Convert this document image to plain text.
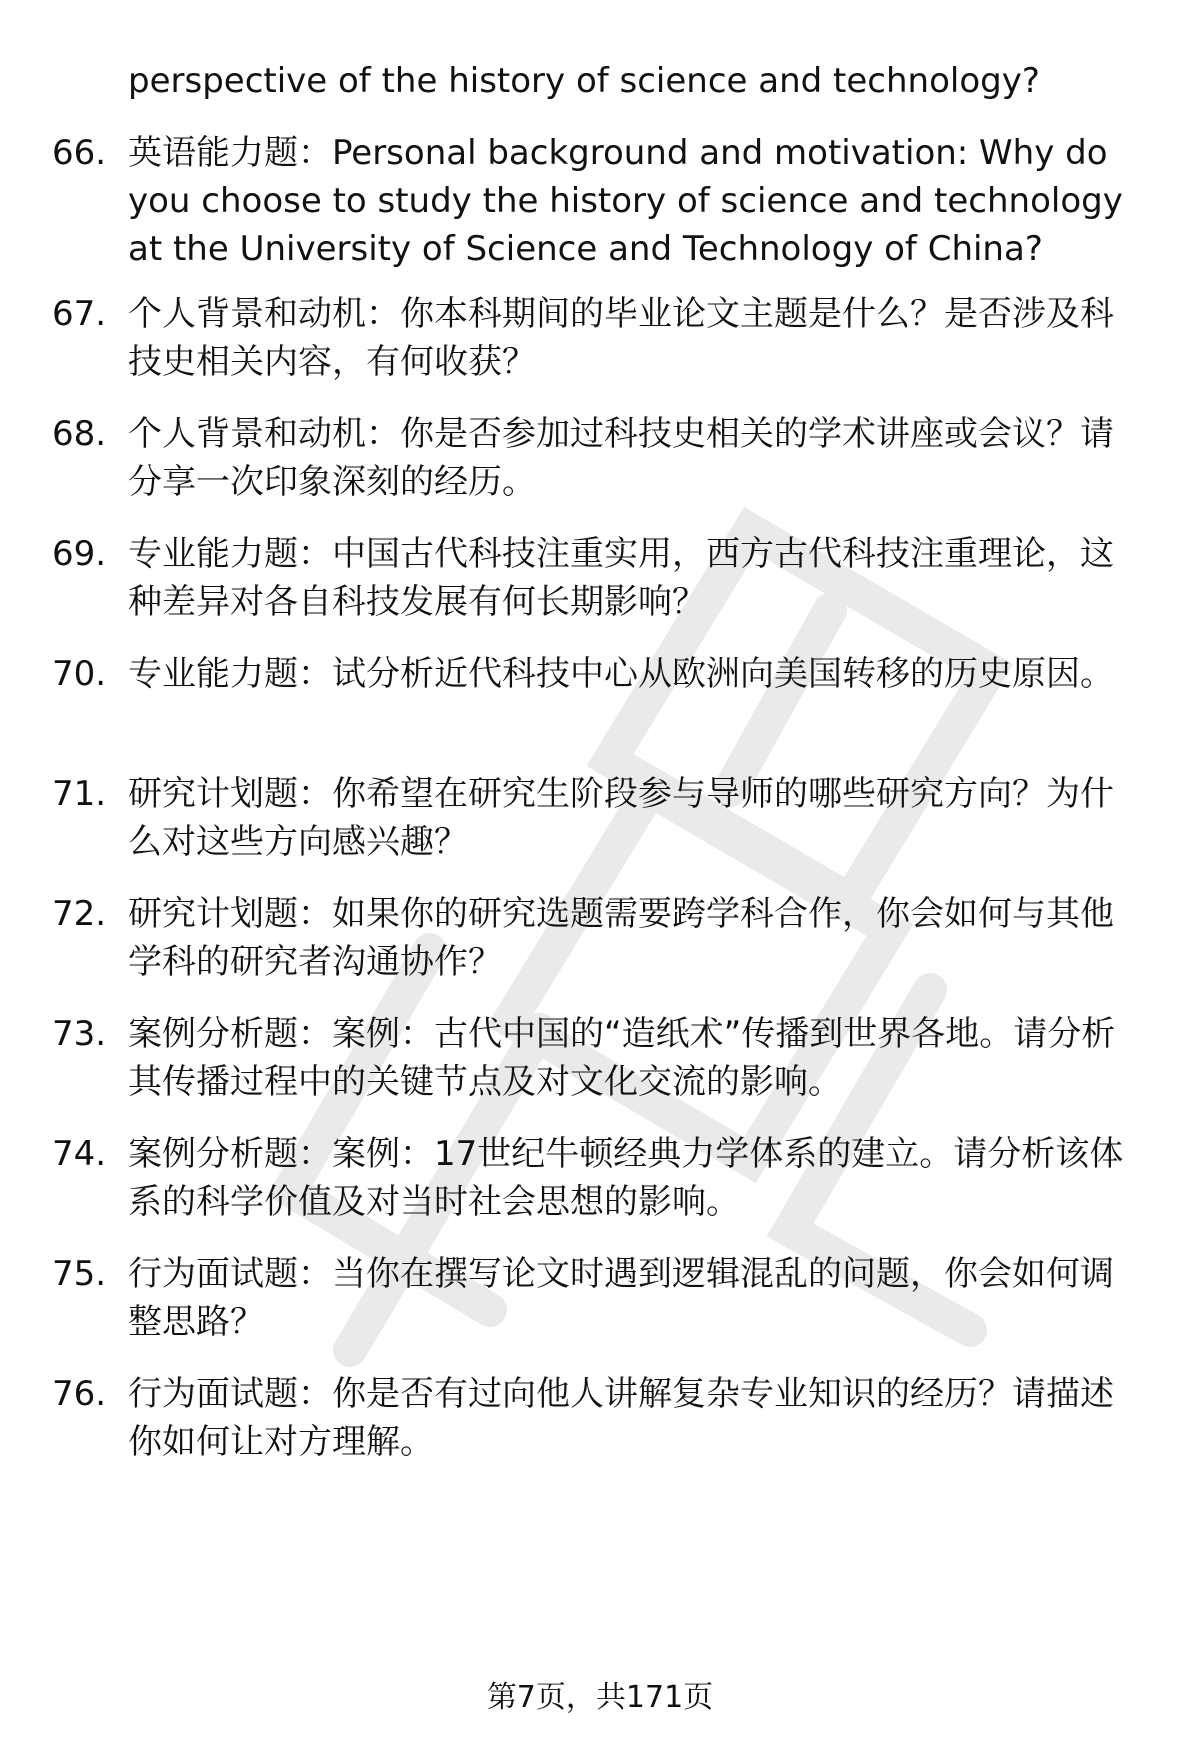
perspective of the history of science and technology?
66. 英语能力题：Personal background and motivation: Why do you choose to study the history of science and technology at the University of Science and Technology of China?
67. 个人背景和动机：你本科期间的毕业论文主题是什么？是否涉及科技史相关内容，有何收获？
68. 个人背景和动机：你是否参加过科技史相关的学术讲座或会议？请分享一次印象深刻的经历。
69. 专业能力题：中国古代科技注重实用，西方古代科技注重理论，这种差异对各自科技发展有何长期影响？
70. 专业能力题：试分析近代科技中心从欧洲向美国转移的历史原因。
71. 研究计划题：你希望在研究生阶段参与导师的哪些研究方向？为什么对这些方向感兴趣？
72. 研究计划题：如果你的研究选题需要跨学科合作，你会如何与其他学科的研究者沟通协作？
73. 案例分析题：案例：古代中国的“造纸术”传播到世界各地。请分析其传播过程中的关键节点及对文化交流的影响。
74. 案例分析题：案例：17世纪牛顿经典力学体系的建立。请分析该体系的科学价值及对当时社会思想的影响。
75. 行为面试题：当你在撰写论文时遇到逻辑混乱的问题，你会如何调整思路？
76. 行为面试题：你是否有过向他人讲解复杂专业知识的经历？请描述你如何让对方理解。
第7页，共171页
